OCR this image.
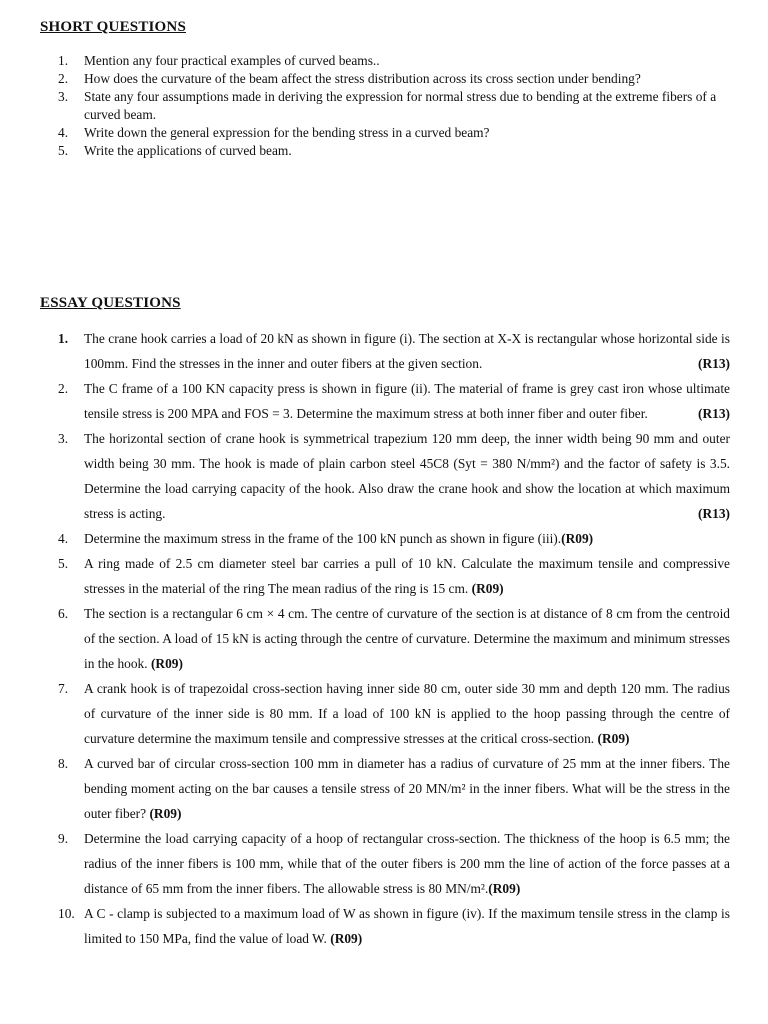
SHORT QUESTIONS
1. Mention any four practical examples of curved beams..
2. How does the curvature of the beam affect the stress distribution across its cross section under bending?
3. State any four assumptions made in deriving the expression for normal stress due to bending at the extreme fibers of a curved beam.
4. Write down the general expression for the bending stress in a curved beam?
5. Write the applications of curved beam.
ESSAY QUESTIONS
1. The crane hook carries a load of 20 kN as shown in figure (i). The section at X-X is rectangular whose horizontal side is 100mm. Find the stresses in the inner and outer fibers at the given section.	(R13)
2. The C frame of a 100 KN capacity press is shown in figure (ii). The material of frame is grey cast iron whose ultimate tensile stress is 200 MPA and FOS = 3. Determine the maximum stress at both inner fiber and outer fiber.	(R13)
3. The horizontal section of crane hook is symmetrical trapezium 120 mm deep, the inner width being 90 mm and outer width being 30 mm. The hook is made of plain carbon steel 45C8 (Syt = 380 N/mm²) and the factor of safety is 3.5. Determine the load carrying capacity of the hook. Also draw the crane hook and show the location at which maximum stress is acting.	(R13)
4. Determine the maximum stress in the frame of the 100 kN punch as shown in figure (iii).(R09)
5. A ring made of 2.5 cm diameter steel bar carries a pull of 10 kN. Calculate the maximum tensile and compressive stresses in the material of the ring The mean radius of the ring is 15 cm. (R09)
6. The section is a rectangular 6 cm × 4 cm. The centre of curvature of the section is at distance of 8 cm from the centroid of the section. A load of 15 kN is acting through the centre of curvature. Determine the maximum and minimum stresses in the hook. (R09)
7. A crank hook is of trapezoidal cross-section having inner side 80 cm, outer side 30 mm and depth 120 mm. The radius of curvature of the inner side is 80 mm. If a load of 100 kN is applied to the hoop passing through the centre of curvature determine the maximum tensile and compressive stresses at the critical cross-section. (R09)
8. A curved bar of circular cross-section 100 mm in diameter has a radius of curvature of 25 mm at the inner fibers. The bending moment acting on the bar causes a tensile stress of 20 MN/m² in the inner fibers. What will be the stress in the outer fiber? (R09)
9. Determine the load carrying capacity of a hoop of rectangular cross-section. The thickness of the hoop is 6.5 mm; the radius of the inner fibers is 100 mm, while that of the outer fibers is 200 mm the line of action of the force passes at a distance of 65 mm from the inner fibers. The allowable stress is 80 MN/m².(R09)
10. A C - clamp is subjected to a maximum load of W as shown in figure (iv). If the maximum tensile stress in the clamp is limited to 150 MPa, find the value of load W. (R09)
